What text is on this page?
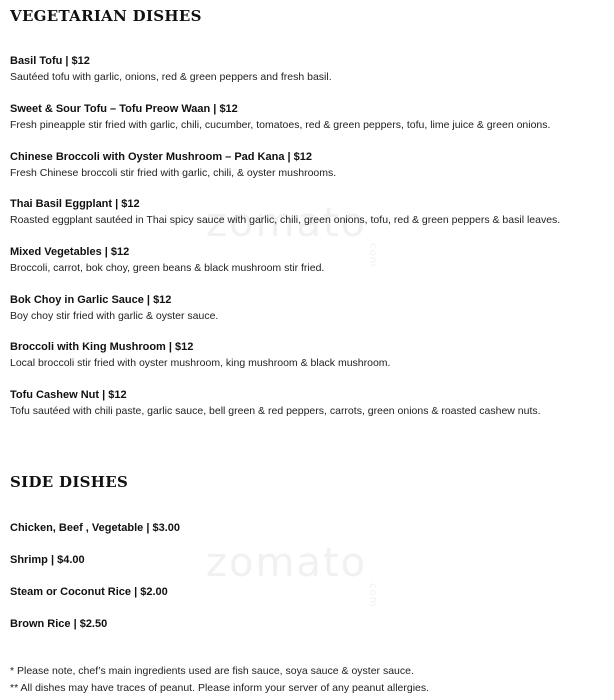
zomato.com
zomato.com
VEGETARIAN DISHES
Basil Tofu | $12
Sautéed tofu with garlic, onions, red & green peppers and fresh basil.
Sweet & Sour Tofu – Tofu Preow Waan | $12
Fresh pineapple stir fried with garlic, chili, cucumber, tomatoes, red & green peppers, tofu, lime juice & green onions.
Chinese Broccoli with Oyster Mushroom – Pad Kana | $12
Fresh Chinese broccoli stir fried with garlic, chili, & oyster mushrooms.
Thai Basil Eggplant | $12
Roasted eggplant sautéed in Thai spicy sauce with garlic, chili, green onions, tofu, red & green peppers & basil leaves.
Mixed Vegetables | $12
Broccoli, carrot, bok choy, green beans & black mushroom stir fried.
Bok Choy in Garlic Sauce | $12
Boy choy stir fried with garlic & oyster sauce.
Broccoli with King Mushroom | $12
Local broccoli stir fried with oyster mushroom, king mushroom & black mushroom.
Tofu Cashew Nut | $12
Tofu sautéed with chili paste, garlic sauce, bell green & red peppers, carrots, green onions & roasted cashew nuts.
SIDE DISHES
Chicken, Beef , Vegetable | $3.00
Shrimp | $4.00
Steam or Coconut Rice | $2.00
Brown Rice | $2.50
* Please note, chef’s main ingredients used are fish sauce, soya sauce & oyster sauce.
** All dishes may have traces of peanut. Please inform your server of any peanut allergies.
